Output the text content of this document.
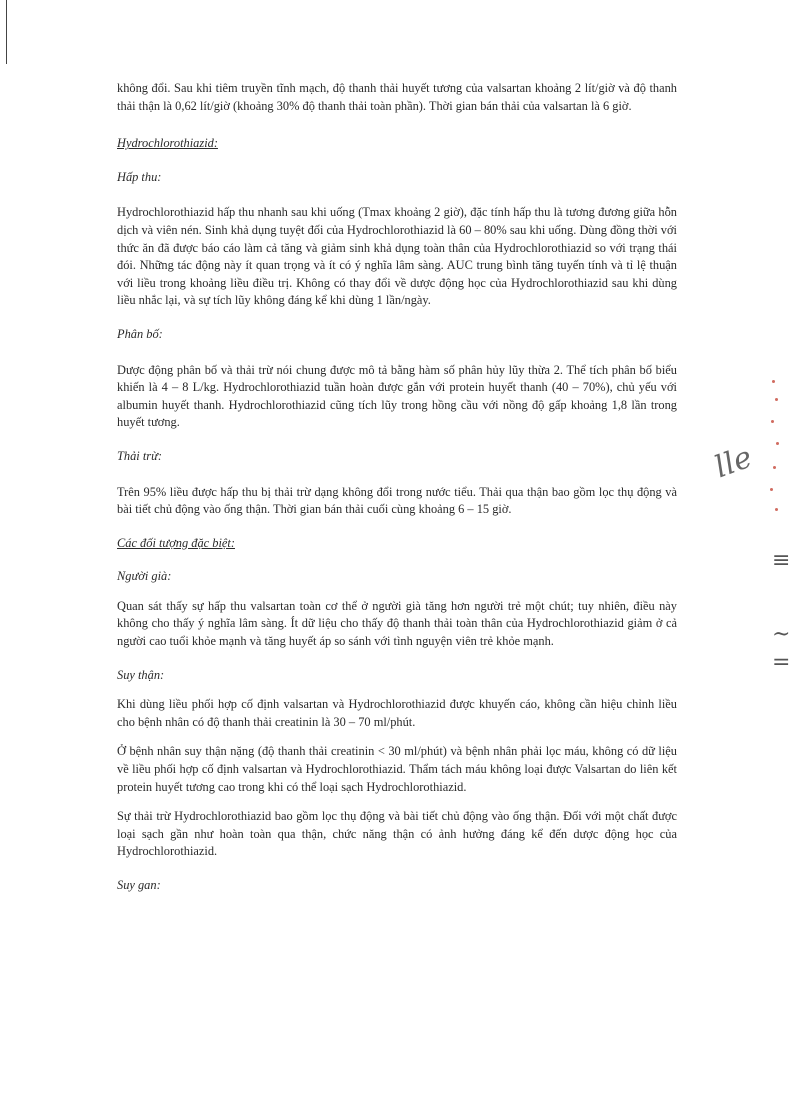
không đổi. Sau khi tiêm truyền tĩnh mạch, độ thanh thải huyết tương của valsartan khoảng 2 lít/giờ và độ thanh thải thận là 0,62 lít/giờ (khoảng 30% độ thanh thải toàn phần). Thời gian bán thải của valsartan là 6 giờ.

Hydrochlorothiazid:

Hấp thu:

Hydrochlorothiazid hấp thu nhanh sau khi uống (Tmax khoảng 2 giờ), đặc tính hấp thu là tương đương giữa hỗn dịch và viên nén. Sinh khả dụng tuyệt đối của Hydrochlorothiazid là 60 – 80% sau khi uống. Dùng đồng thời với thức ăn đã được báo cáo làm cả tăng và giảm sinh khả dụng toàn thân của Hydrochlorothiazid so với trạng thái đói. Những tác động này ít quan trọng và ít có ý nghĩa lâm sàng. AUC trung bình tăng tuyến tính và tỉ lệ thuận với liều trong khoảng liều điều trị. Không có thay đổi về dược động học của Hydrochlorothiazid sau khi dùng liều nhắc lại, và sự tích lũy không đáng kể khi dùng 1 lần/ngày.

Phân bố:

Dược động phân bố và thải trừ nói chung được mô tả bằng hàm số phân hủy lũy thừa 2. Thể tích phân bố biểu khiến là 4 – 8 L/kg. Hydrochlorothiazid tuần hoàn được gắn với protein huyết thanh (40 – 70%), chủ yếu với albumin huyết thanh. Hydrochlorothiazid cũng tích lũy trong hồng cầu với nồng độ gấp khoảng 1,8 lần trong huyết tương.

Thải trừ:

Trên 95% liều được hấp thu bị thải trừ dạng không đổi trong nước tiểu. Thải qua thận bao gồm lọc thụ động và bài tiết chủ động vào ống thận. Thời gian bán thải cuối cùng khoảng 6 – 15 giờ.

Các đối tượng đặc biệt:

Người già:

Quan sát thấy sự hấp thu valsartan toàn cơ thể ở người già tăng hơn người trẻ một chút; tuy nhiên, điều này không cho thấy ý nghĩa lâm sàng. Ít dữ liệu cho thấy độ thanh thải toàn thân của Hydrochlorothiazid giảm ở cả người cao tuổi khỏe mạnh và tăng huyết áp so sánh với tình nguyện viên trẻ khỏe mạnh.

Suy thận:

Khi dùng liều phối hợp cố định valsartan và Hydrochlorothiazid được khuyến cáo, không cần hiệu chỉnh liều cho bệnh nhân có độ thanh thải creatinin là 30 – 70 ml/phút.

Ở bệnh nhân suy thận nặng (độ thanh thải creatinin < 30 ml/phút) và bệnh nhân phải lọc máu, không có dữ liệu về liều phối hợp cố định valsartan và Hydrochlorothiazid. Thẩm tách máu không loại được Valsartan do liên kết protein huyết tương cao trong khi có thể loại sạch Hydrochlorothiazid.

Sự thải trừ Hydrochlorothiazid bao gồm lọc thụ động và bài tiết chủ động vào ống thận. Đối với một chất được loại sạch gần như hoàn toàn qua thận, chức năng thận có ảnh hưởng đáng kể đến dược động học của Hydrochlorothiazid.

Suy gan:

lle
≡
~
=
